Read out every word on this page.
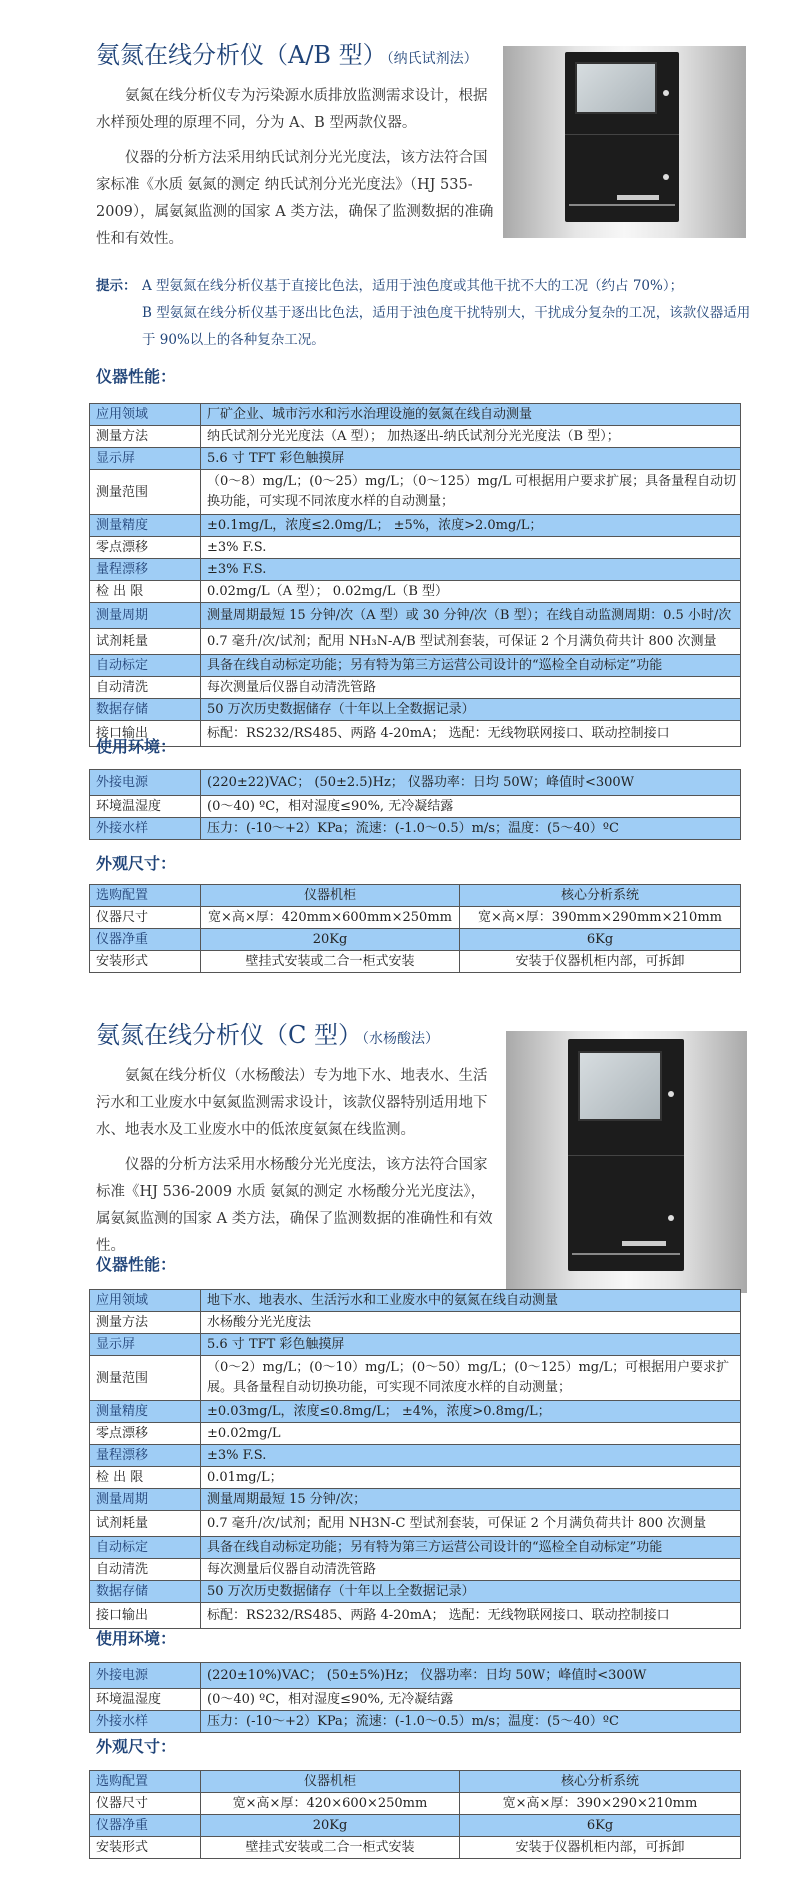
氨氮在线分析仪（A/B 型）（纳氏试剂法）

氨氮在线分析仪专为污染源水质排放监测需求设计，根据水样预处理的原理不同，分为 A、B 型两款仪器。

仪器的分析方法采用纳氏试剂分光光度法，该方法符合国家标准《水质 氨氮的测定 纳氏试剂分光光度法》（HJ 535-2009），属氨氮监测的国家 A 类方法，确保了监测数据的准确性和有效性。

提示： A 型氨氮在线分析仪基于直接比色法，适用于浊色度或其他干扰不大的工况（约占 70%）；
B 型氨氮在线分析仪基于逐出比色法，适用于浊色度干扰特别大，干扰成分复杂的工况，该款仪器适用于 90%以上的各种复杂工况。
仪器性能：
应用领域	厂矿企业、城市污水和污水治理设施的氨氮在线自动测量
测量方法	纳氏试剂分光光度法（A 型）； 加热逐出-纳氏试剂分光光度法（B 型）；
显示屏	5.6 寸 TFT 彩色触摸屏
测量范围	（0～8）mg/L；(0～25）mg/L；（0～125）mg/L 可根据用户要求扩展；具备量程自动切换功能，可实现不同浓度水样的自动测量；
测量精度	±0.1mg/L，浓度≤2.0mg/L； ±5%，浓度>2.0mg/L；
零点漂移	±3% F.S.
量程漂移	±3% F.S.
检 出 限	0.02mg/L（A 型）； 0.02mg/L（B 型）
测量周期	测量周期最短 15 分钟/次（A 型）或 30 分钟/次（B 型）；在线自动监测周期：0.5 小时/次
试剂耗量	0.7 毫升/次/试剂；配用 NH₃N-A/B 型试剂套装，可保证 2 个月满负荷共计 800 次测量
自动标定	具备在线自动标定功能；另有特为第三方运营公司设计的“巡检全自动标定”功能
自动清洗	每次测量后仪器自动清洗管路
数据存储	50 万次历史数据储存（十年以上全数据记录）
接口输出	标配：RS232/RS485、两路 4-20mA； 选配：无线物联网接口、联动控制接口
使用环境：
外接电源	(220±22)VAC； (50±2.5)Hz； 仪器功率：日均 50W；峰值时<300W
环境温湿度	(0～40) ºC，相对湿度≤90%, 无冷凝结露
外接水样	压力：(-10～+2）KPa；流速：(-1.0～0.5）m/s；温度：(5～40）ºC
外观尺寸：
选购配置	仪器机柜	核心分析系统
仪器尺寸	宽×高×厚：420mm×600mm×250mm	宽×高×厚：390mm×290mm×210mm
仪器净重	20Kg	6Kg
安装形式	壁挂式安装或二合一柜式安装	安装于仪器机柜内部，可拆卸
氨氮在线分析仪（C 型）（水杨酸法）

氨氮在线分析仪（水杨酸法）专为地下水、地表水、生活污水和工业废水中氨氮监测需求设计，该款仪器特别适用地下水、地表水及工业废水中的低浓度氨氮在线监测。

仪器的分析方法采用水杨酸分光光度法，该方法符合国家标准《HJ 536-2009 水质 氨氮的测定 水杨酸分光光度法》，属氨氮监测的国家 A 类方法，确保了监测数据的准确性和有效性。

仪器性能：
应用领域	地下水、地表水、生活污水和工业废水中的氨氮在线自动测量
测量方法	水杨酸分光光度法
显示屏	5.6 寸 TFT 彩色触摸屏
测量范围	（0～2）mg/L；(0～10）mg/L；(0～50）mg/L；(0～125）mg/L；可根据用户要求扩展。具备量程自动切换功能，可实现不同浓度水样的自动测量；
测量精度	±0.03mg/L，浓度≤0.8mg/L； ±4%，浓度>0.8mg/L；
零点漂移	±0.02mg/L
量程漂移	±3% F.S.
检 出 限	0.01mg/L；
测量周期	测量周期最短 15 分钟/次；
试剂耗量	0.7 毫升/次/试剂；配用 NH3N-C 型试剂套装，可保证 2 个月满负荷共计 800 次测量
自动标定	具备在线自动标定功能；另有特为第三方运营公司设计的“巡检全自动标定”功能
自动清洗	每次测量后仪器自动清洗管路
数据存储	50 万次历史数据储存（十年以上全数据记录）
接口输出	标配：RS232/RS485、两路 4-20mA； 选配：无线物联网接口、联动控制接口
使用环境：
外接电源	(220±10%)VAC； (50±5%)Hz； 仪器功率：日均 50W；峰值时<300W
环境温湿度	(0～40) ºC，相对湿度≤90%, 无冷凝结露
外接水样	压力：(-10～+2）KPa；流速：(-1.0～0.5）m/s；温度：(5～40）ºC
外观尺寸：
选购配置	仪器机柜	核心分析系统
仪器尺寸	宽×高×厚：420×600×250mm	宽×高×厚：390×290×210mm
仪器净重	20Kg	6Kg
安装形式	壁挂式安装或二合一柜式安装	安装于仪器机柜内部，可拆卸
